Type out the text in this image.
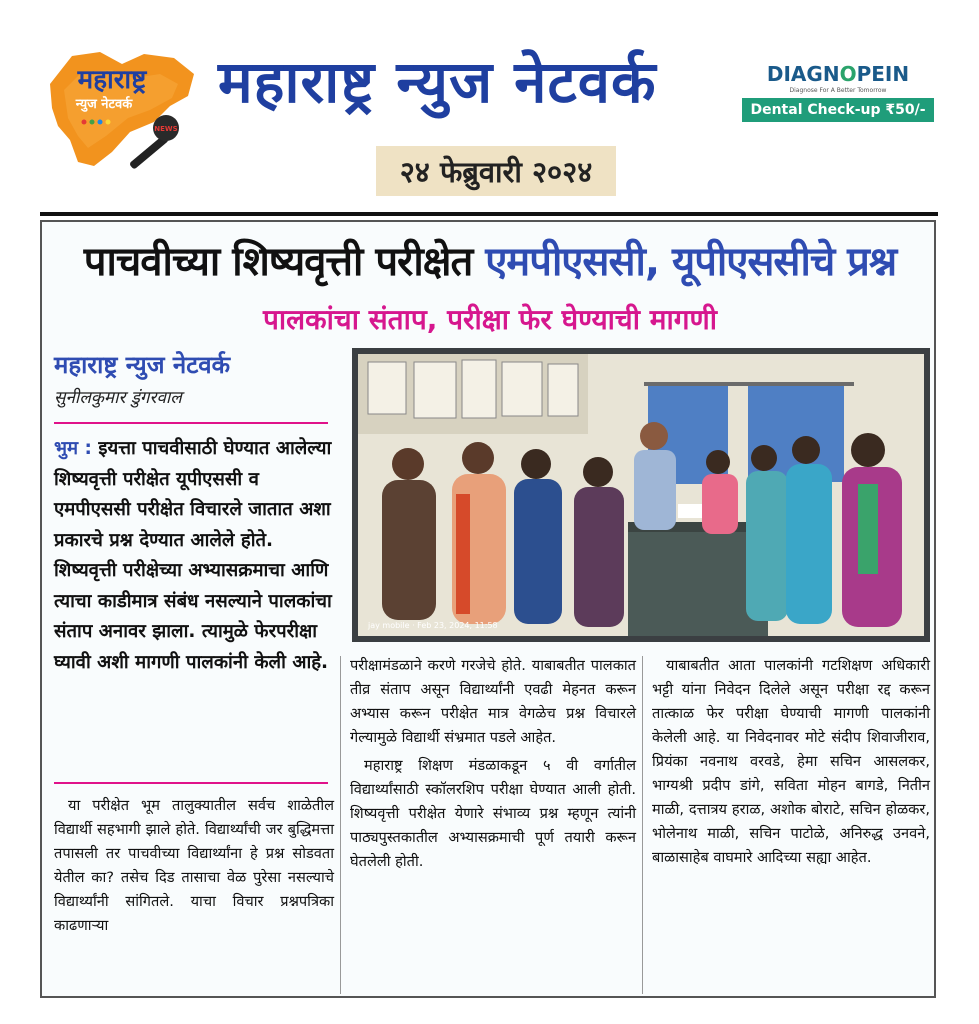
महाराष्ट्र
न्युज नेटवर्क
NEWS
महाराष्ट्र न्युज नेटवर्क	DIAGNOPEIN
Diagnose For A Better Tomorrow
Dental Check-up ₹50/-
२४ फेब्रुवारी २०२४
पाचवीच्या शिष्यवृत्ती परीक्षेत एमपीएससी, यूपीएससीचे प्रश्न
पालकांचा संताप, परीक्षा फेर घेण्याची मागणी
महाराष्ट्र न्युज नेटवर्क
सुनीलकुमार डुंगरवाल
भुम : इयत्ता पाचवीसाठी घेण्यात आलेल्या शिष्यवृत्ती परीक्षेत यूपीएससी व एमपीएससी परीक्षेत विचारले जातात अशा प्रकारचे प्रश्न देण्यात आलेले होते. शिष्यवृत्ती परीक्षेच्या अभ्यासक्रमाचा आणि त्याचा काडीमात्र संबंध नसल्याने पालकांचा संताप अनावर झाला. त्यामुळे फेरपरीक्षा घ्यावी अशी मागणी पालकांनी केली आहे.
jay mobile · Feb 23, 2024, 11:58

या परीक्षेत भूम तालुक्यातील सर्वच शाळेतील विद्यार्थी सहभागी झाले होते. विद्यार्थ्यांची जर बुद्धिमत्ता तपासली तर पाचवीच्या विद्यार्थ्यांना हे प्रश्न सोडवता येतील का? तसेच दिड तासाचा वेळ पुरेसा नसल्याचे विद्यार्थ्यांनी सांगितले. याचा विचार प्रश्नपत्रिका काढणाऱ्या

परीक्षामंडळाने करणे गरजेचे होते. याबाबतीत पालकात तीव्र संताप असून विद्यार्थ्यांनी एवढी मेहनत करून अभ्यास करून परीक्षेत मात्र वेगळेच प्रश्न विचारले गेल्यामुळे विद्यार्थी संभ्रमात पडले आहेत.

महाराष्ट्र शिक्षण मंडळाकडून ५ वी वर्गातील विद्यार्थ्यांसाठी स्कॉलरशिप परीक्षा घेण्यात आली होती. शिष्यवृत्ती परीक्षेत येणारे संभाव्य प्रश्न म्हणून त्यांनी पाठ्यपुस्तकातील अभ्यासक्रमाची पूर्ण तयारी करून घेतलेली होती.

याबाबतीत आता पालकांनी गटशिक्षण अधिकारी भट्टी यांना निवेदन दिलेले असून परीक्षा रद्द करून तात्काळ फेर परीक्षा घेण्याची मागणी पालकांनी केलेली आहे. या निवेदनावर मोटे संदीप शिवाजीराव, प्रियंका नवनाथ वरवडे, हेमा सचिन आसलकर, भाग्यश्री प्रदीप डांगे, सविता मोहन बागडे, नितीन माळी, दत्तात्रय हराळ, अशोक बोराटे, सचिन होळकर, भोलेनाथ माळी, सचिन पाटोळे, अनिरुद्ध उनवने, बाळासाहेब वाघमारे आदिच्या सह्या आहेत.
